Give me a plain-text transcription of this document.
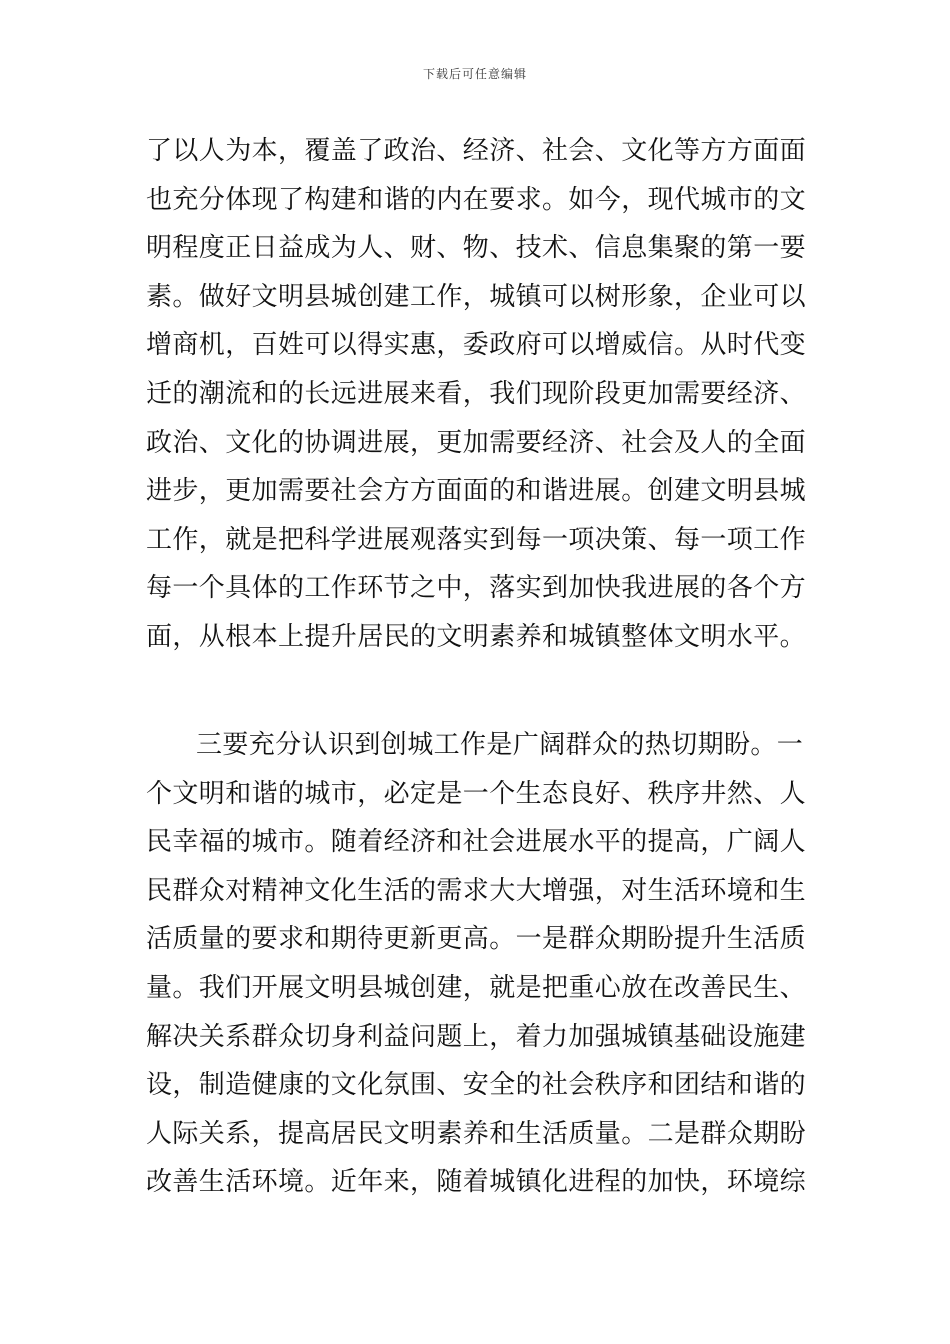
下载后可任意编辑
了以人为本，覆盖了政治、经济、社会、文化等方方面面
也充分体现了构建和谐的内在要求。如今，现代城市的文
明程度正日益成为人、财、物、技术、信息集聚的第一要
素。做好文明县城创建工作，城镇可以树形象，企业可以
增商机，百姓可以得实惠，委政府可以增威信。从时代变
迁的潮流和的长远进展来看，我们现阶段更加需要经济、
政治、文化的协调进展，更加需要经济、社会及人的全面
进步，更加需要社会方方面面的和谐进展。创建文明县城
工作，就是把科学进展观落实到每一项决策、每一项工作
每一个具体的工作环节之中，落实到加快我进展的各个方
面，从根本上提升居民的文明素养和城镇整体文明水平。
三要充分认识到创城工作是广阔群众的热切期盼。一
个文明和谐的城市，必定是一个生态良好、秩序井然、人
民幸福的城市。随着经济和社会进展水平的提高，广阔人
民群众对精神文化生活的需求大大增强，对生活环境和生
活质量的要求和期待更新更高。一是群众期盼提升生活质
量。我们开展文明县城创建，就是把重心放在改善民生、
解决关系群众切身利益问题上，着力加强城镇基础设施建
设，制造健康的文化氛围、安全的社会秩序和团结和谐的
人际关系，提高居民文明素养和生活质量。二是群众期盼
改善生活环境。近年来，随着城镇化进程的加快，环境综
